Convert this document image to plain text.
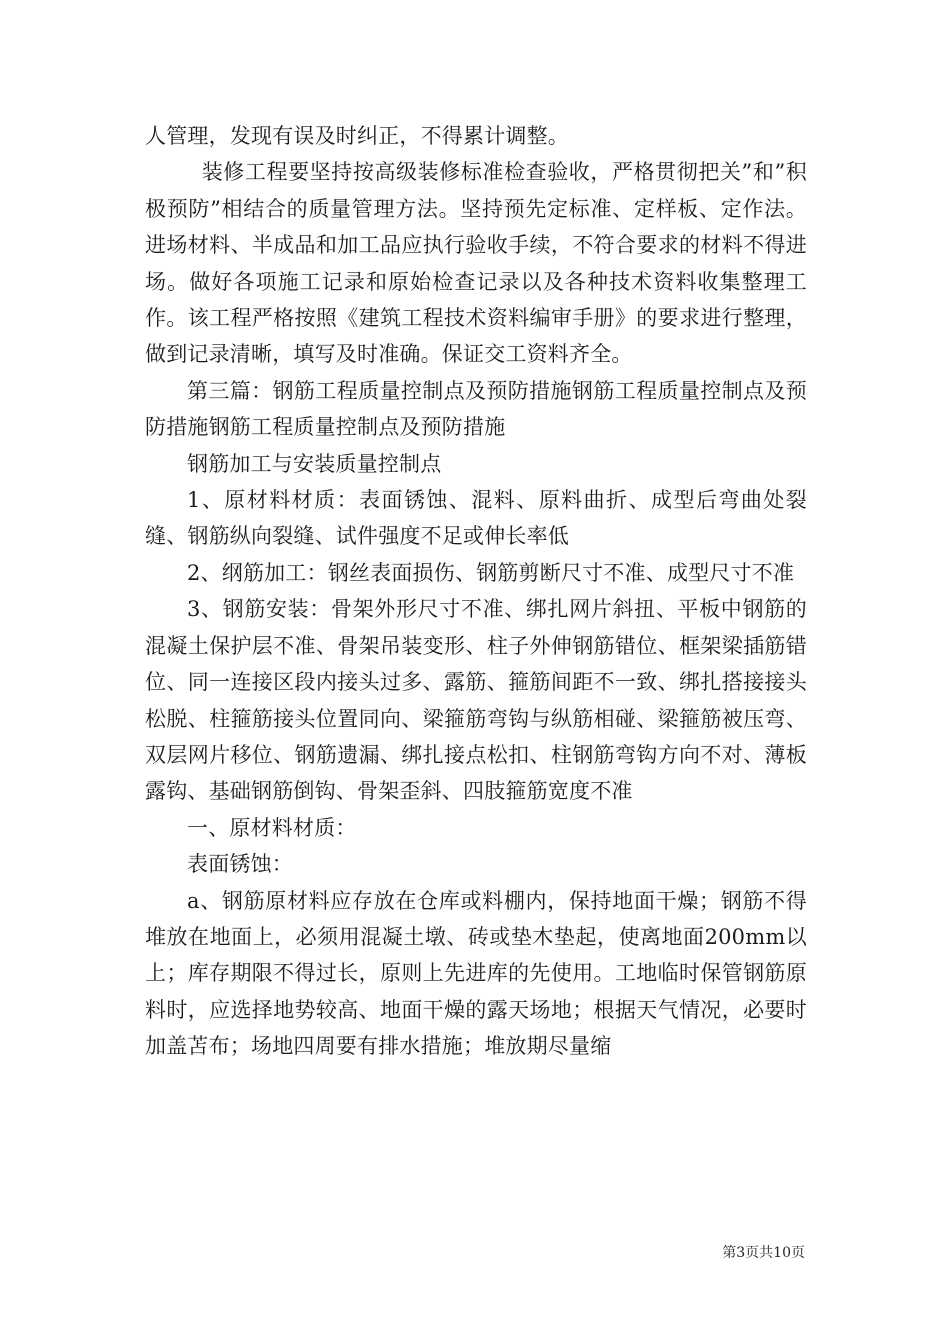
人管理，发现有误及时纠正，不得累计调整。

装修工程要坚持按高级装修标准检查验收，严格贯彻把关”和”积极预防”相结合的质量管理方法。坚持预先定标准、定样板、定作法。进场材料、半成品和加工品应执行验收手续，不符合要求的材料不得进场。做好各项施工记录和原始检查记录以及各种技术资料收集整理工作。该工程严格按照《建筑工程技术资料编审手册》的要求进行整理，做到记录清晰，填写及时准确。保证交工资料齐全。

第三篇：钢筋工程质量控制点及预防措施钢筋工程质量控制点及预防措施钢筋工程质量控制点及预防措施

钢筋加工与安装质量控制点

1、原材料材质：表面锈蚀、混料、原料曲折、成型后弯曲处裂缝、钢筋纵向裂缝、试件强度不足或伸长率低

2、纲筋加工：钢丝表面损伤、钢筋剪断尺寸不准、成型尺寸不准

3、钢筋安装：骨架外形尺寸不准、绑扎网片斜扭、平板中钢筋的混凝土保护层不准、骨架吊装变形、柱子外伸钢筋错位、框架梁插筋错位、同一连接区段内接头过多、露筋、箍筋间距不一致、绑扎搭接接头松脱、柱箍筋接头位置同向、梁箍筋弯钩与纵筋相碰、梁箍筋被压弯、双层网片移位、钢筋遗漏、绑扎接点松扣、柱钢筋弯钩方向不对、薄板露钩、基础钢筋倒钩、骨架歪斜、四肢箍筋宽度不准

一、原材料材质：

表面锈蚀：

a、钢筋原材料应存放在仓库或料棚内，保持地面干燥；钢筋不得堆放在地面上，必须用混凝土墩、砖或垫木垫起，使离地面200mm以上；库存期限不得过长，原则上先进库的先使用。工地临时保管钢筋原料时，应选择地势较高、地面干燥的露天场地；根据天气情况，必要时加盖苫布；场地四周要有排水措施；堆放期尽量缩

第3页共10页
